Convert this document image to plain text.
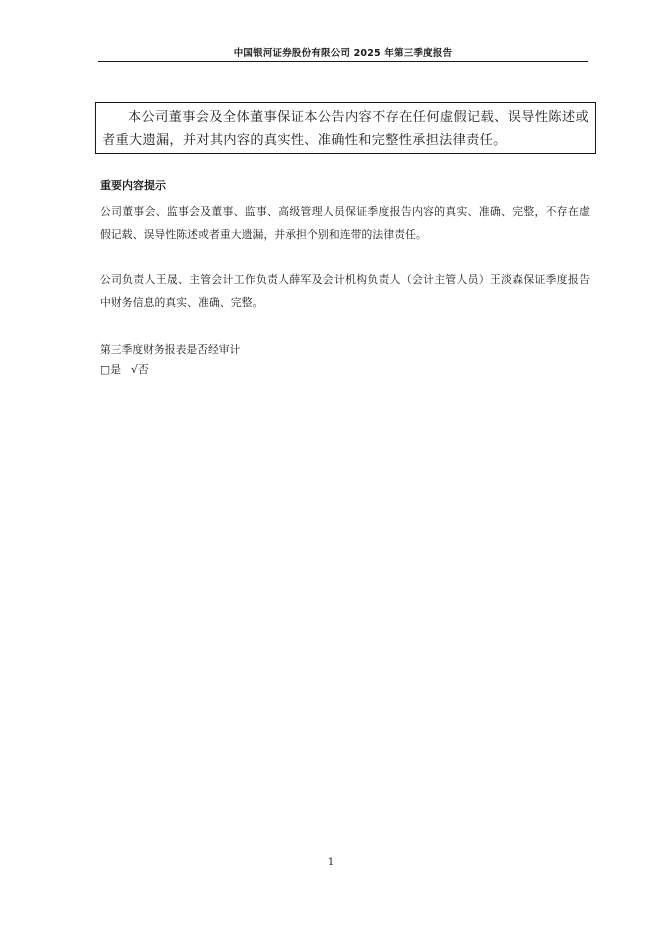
中国银河证券股份有限公司 2025 年第三季度报告
本公司董事会及全体董事保证本公告内容不存在任何虚假记载、误导性陈述或者重大遗漏，并对其内容的真实性、准确性和完整性承担法律责任。
重要内容提示
公司董事会、监事会及董事、监事、高级管理人员保证季度报告内容的真实、准确、完整，不存在虚假记载、误导性陈述或者重大遗漏，并承担个别和连带的法律责任。
公司负责人王晟、主管会计工作负责人薛军及会计机构负责人（会计主管人员）王淡森保证季度报告中财务信息的真实、准确、完整。
第三季度财务报表是否经审计
□是 √否
1
